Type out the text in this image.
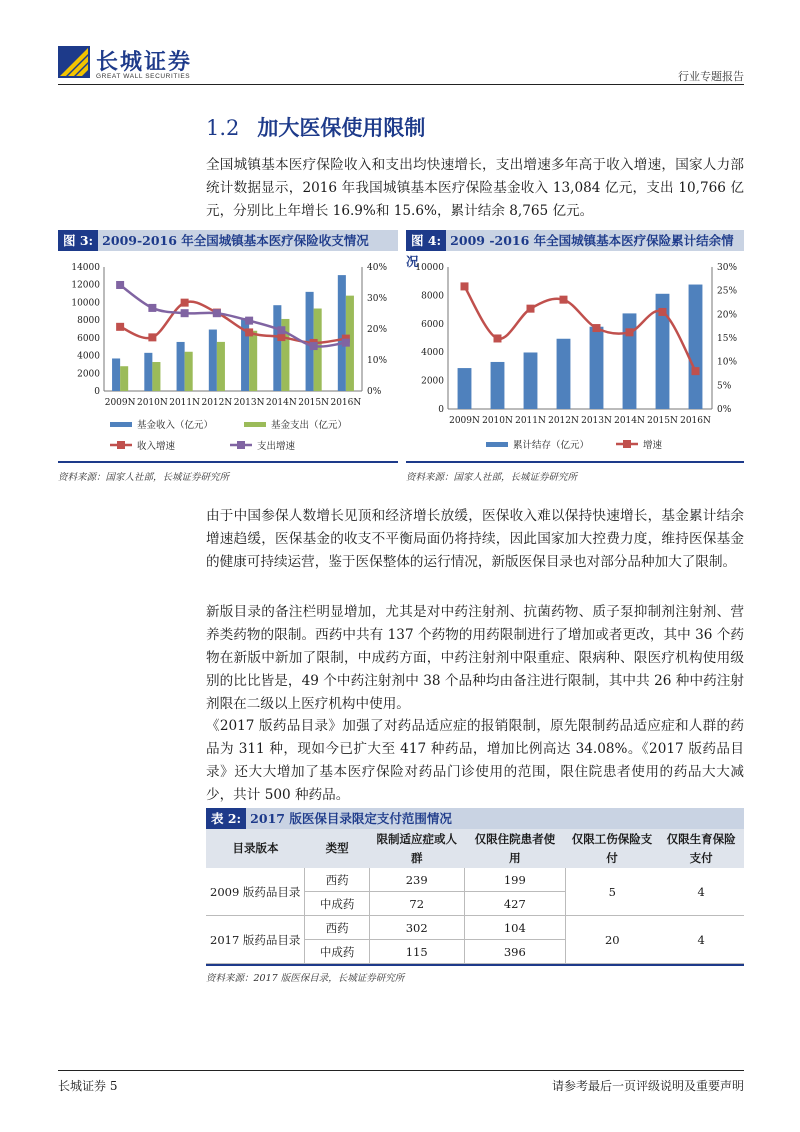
长城证券
GREAT WALL SECURITIES	行业专题报告
1.2 加大医保使用限制
全国城镇基本医疗保险收入和支出均快速增长，支出增速多年高于收入增速，国家人力部统计数据显示，2016 年我国城镇基本医疗保险基金收入 13,084 亿元，支出 10,766 亿元，分别比上年增长 16.9%和 15.6%，累计结余 8,765 亿元。
图 3: 2009-2016 年全国城镇基本医疗保险收支情况
0
2000
4000
6000
8000
10000
12000
14000
0%
10%
20%
30%
40%
2009N 2010N 2011N 2012N 2013N 2014N 2015N 2016N
基金收入（亿元）	基金支出（亿元）
收入增速	支出增速
资料来源：国家人社部，长城证券研究所
图 4: 2009 -2016 年全国城镇基本医疗保险累计结余情况
0
2000
4000
6000
8000
10000
0%
5%
10%
15%
20%
25%
30%
2009N 2010N 2011N 2012N 2013N 2014N 2015N 2016N
累计结存（亿元）	增速
资料来源：国家人社部，长城证券研究所
由于中国参保人数增长见顶和经济增长放缓，医保收入难以保持快速增长，基金累计结余增速趋缓，医保基金的收支不平衡局面仍将持续，因此国家加大控费力度，维持医保基金的健康可持续运营，鉴于医保整体的运行情况，新版医保目录也对部分品种加大了限制。
新版目录的备注栏明显增加，尤其是对中药注射剂、抗菌药物、质子泵抑制剂注射剂、营养类药物的限制。西药中共有 137 个药物的用药限制进行了增加或者更改，其中 36 个药物在新版中新加了限制，中成药方面，中药注射剂中限重症、限病种、限医疗机构使用级别的比比皆是，49 个中药注射剂中 38 个品种均由备注进行限制，其中共 26 种中药注射剂限在二级以上医疗机构中使用。
《2017 版药品目录》加强了对药品适应症的报销限制，原先限制药品适应症和人群的药品为 311 种，现如今已扩大至 417 种药品，增加比例高达 34.08%。《2017 版药品目录》还大大增加了基本医疗保险对药品门诊使用的范围，限住院患者使用的药品大大减少，共计 500 种药品。
表 2: 2017 版医保目录限定支付范围情况
目录版本	类型	限制适应症或人群	仅限住院患者使用	仅限工伤保险支付	仅限生育保险支付
2009 版药品目录	西药	239	199	5	4
	中成药	72	427		
2017 版药品目录	西药	302	104	20	4
	中成药	115	396		
资料来源：2017 版医保目录，长城证券研究所
长城证券 5	请参考最后一页评级说明及重要声明
